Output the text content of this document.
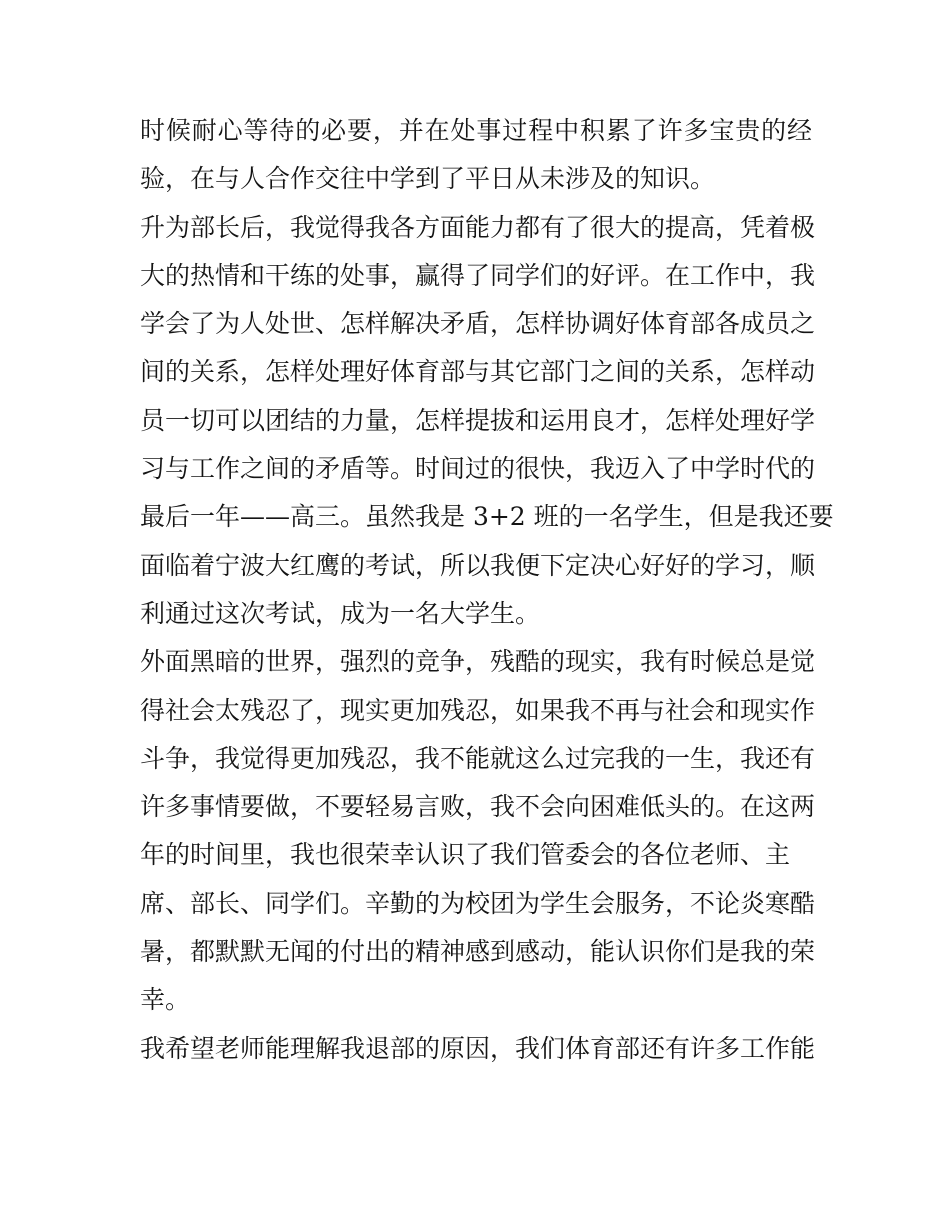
时候耐心等待的必要，并在处事过程中积累了许多宝贵的经
验，在与人合作交往中学到了平日从未涉及的知识。
升为部长后，我觉得我各方面能力都有了很大的提高，凭着极
大的热情和干练的处事，赢得了同学们的好评。在工作中，我
学会了为人处世、怎样解决矛盾，怎样协调好体育部各成员之
间的关系，怎样处理好体育部与其它部门之间的关系，怎样动
员一切可以团结的力量，怎样提拔和运用良才，怎样处理好学
习与工作之间的矛盾等。时间过的很快，我迈入了中学时代的
最后一年——高三。虽然我是 3+2 班的一名学生，但是我还要
面临着宁波大红鹰的考试，所以我便下定决心好好的学习，顺
利通过这次考试，成为一名大学生。
外面黑暗的世界，强烈的竞争，残酷的现实，我有时候总是觉
得社会太残忍了，现实更加残忍，如果我不再与社会和现实作
斗争，我觉得更加残忍，我不能就这么过完我的一生，我还有
许多事情要做，不要轻易言败，我不会向困难低头的。在这两
年的时间里，我也很荣幸认识了我们管委会的各位老师、主
席、部长、同学们。辛勤的为校团为学生会服务，不论炎寒酷
暑，都默默无闻的付出的精神感到感动，能认识你们是我的荣
幸。
我希望老师能理解我退部的原因，我们体育部还有许多工作能
